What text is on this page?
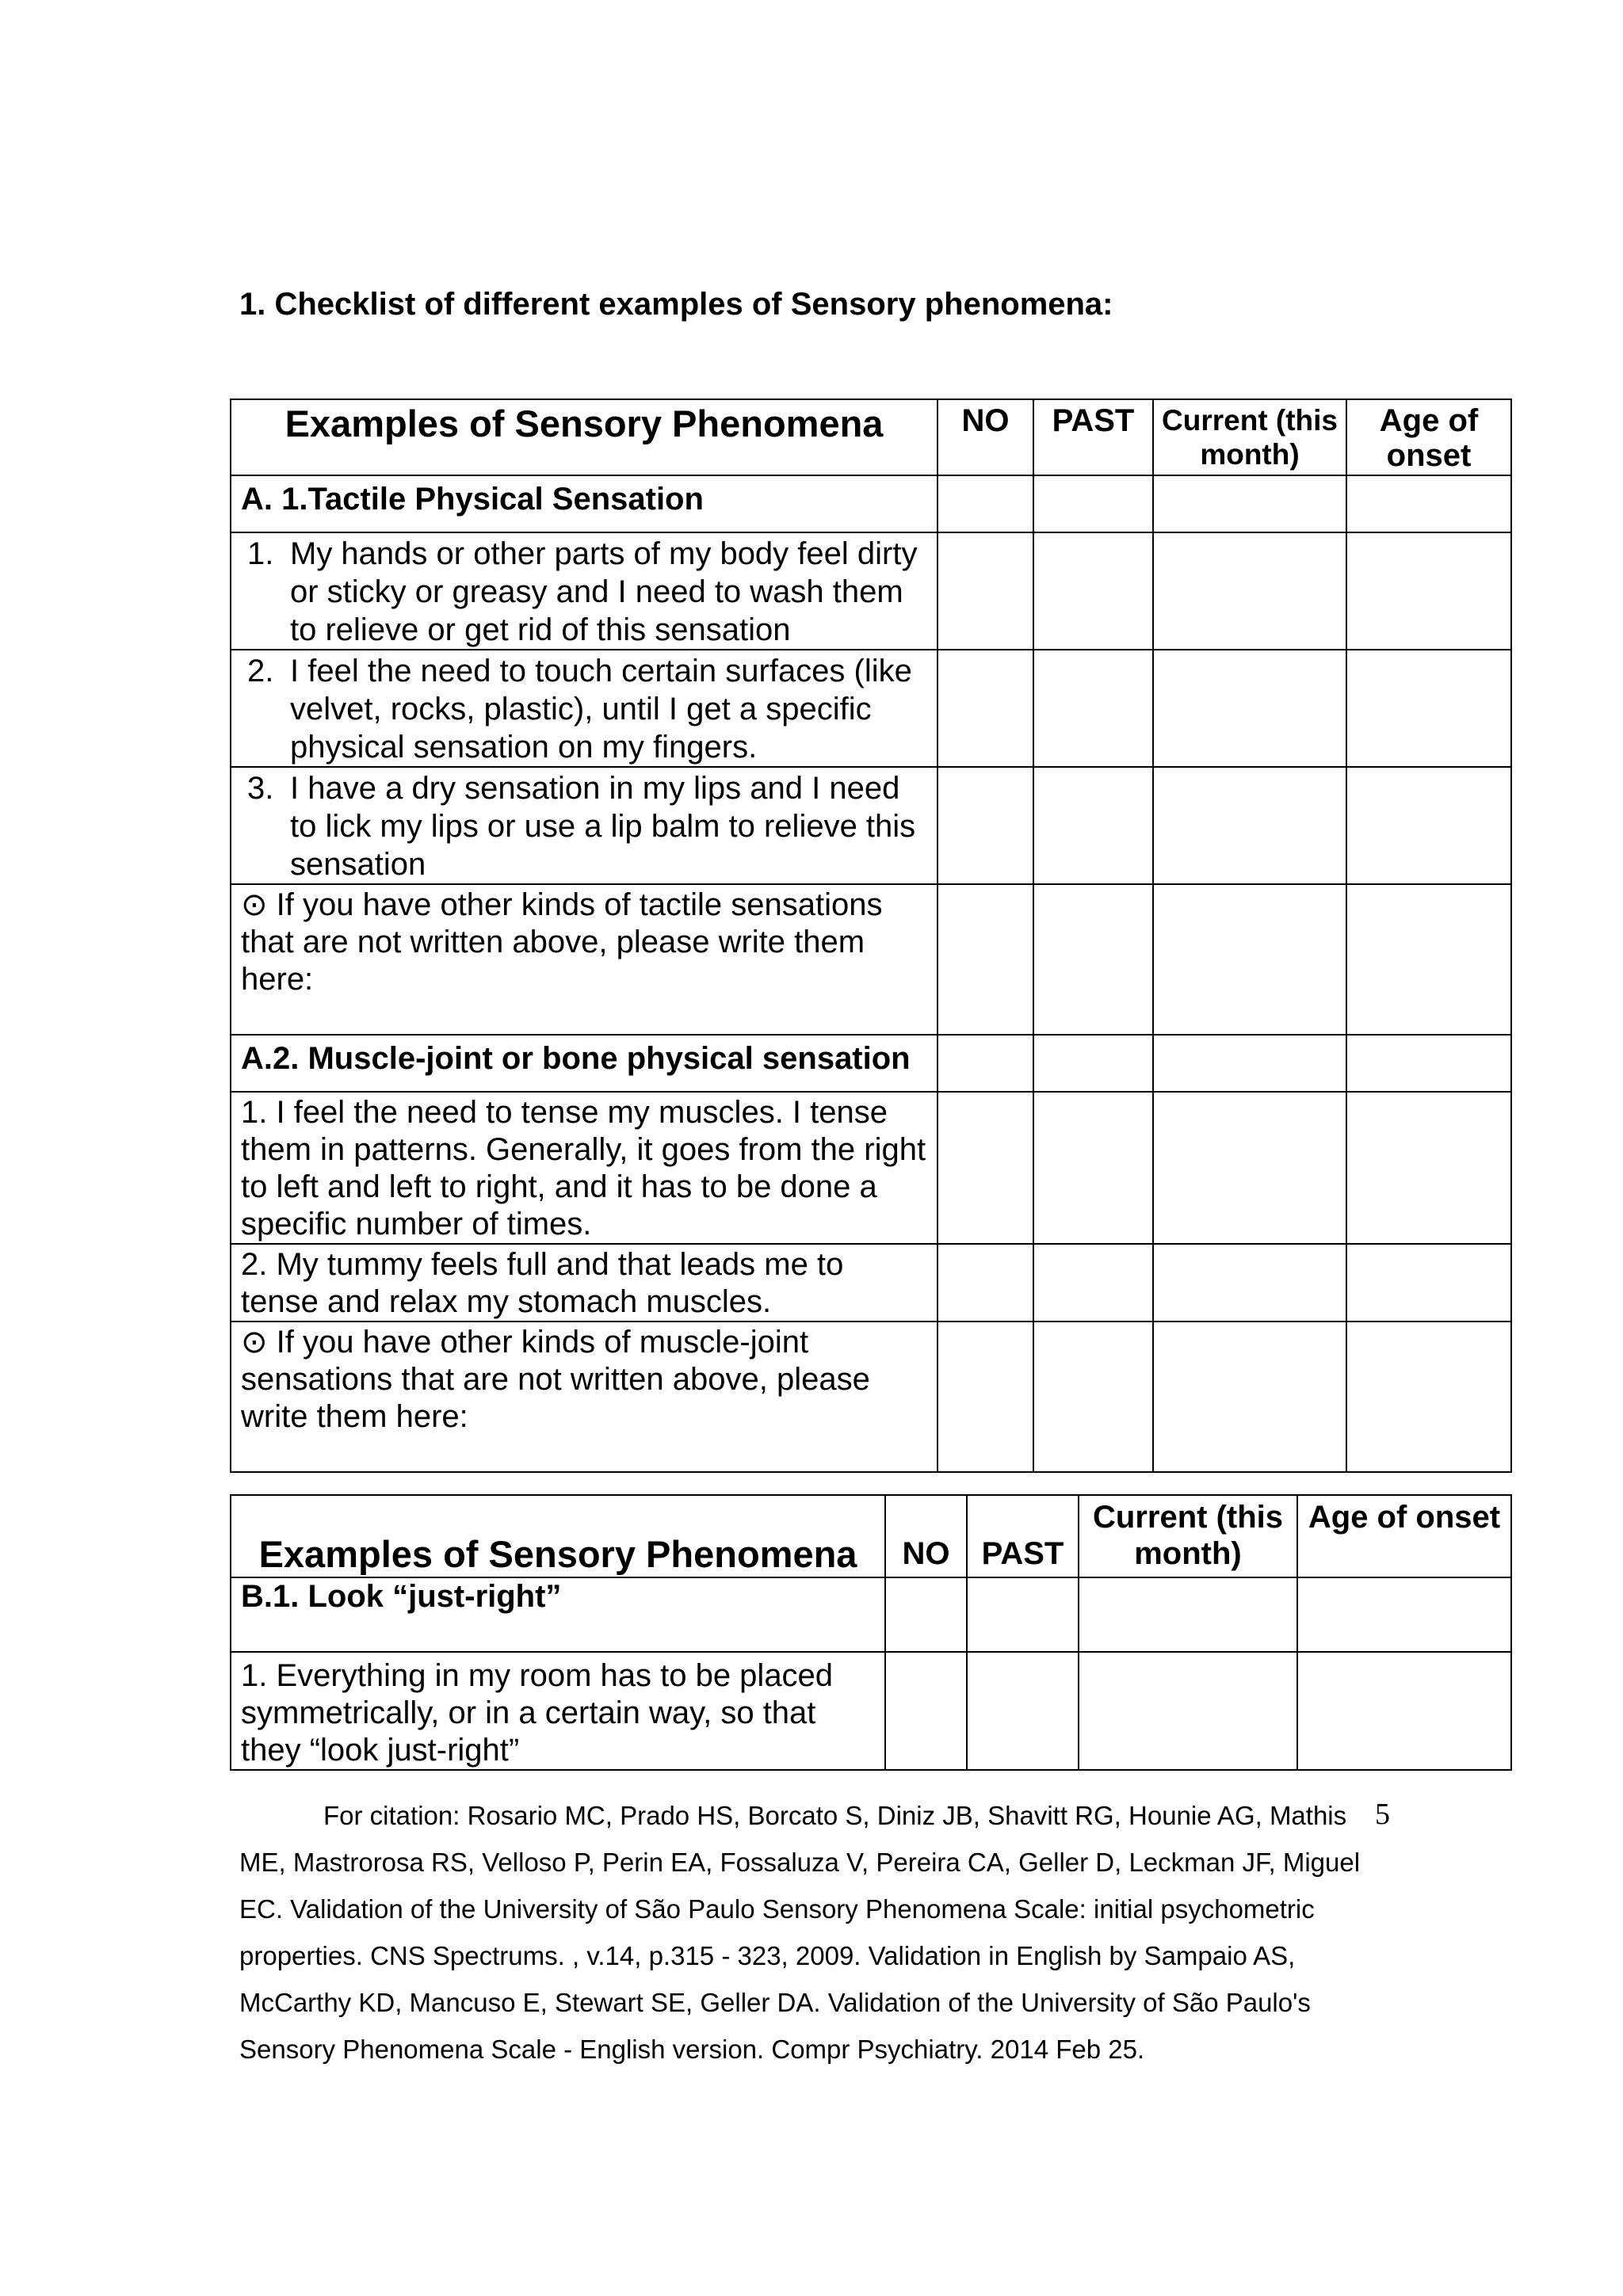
1. Checklist of different examples of Sensory phenomena:
Examples of Sensory Phenomena	NO	PAST	Current (this month)	Age of onset
A. 1.Tactile Physical Sensation				

1. My hands or other parts of my body feel dirty or sticky or greasy and I need to wash them to relieve or get rid of this sensation				

2. I feel the need to touch certain surfaces (like velvet, rocks, plastic), until I get a specific physical sensation on my fingers.				

3. I have a dry sensation in my lips and I need to lick my lips or use a lip balm to relieve this sensation				

⊙ If you have other kinds of tactile sensations that are not written above, please write them here:				
A.2. Muscle-joint or bone physical sensation				
1. I feel the need to tense my muscles. I tense them in patterns. Generally, it goes from the right to left and left to right, and it has to be done a specific number of times.				
2. My tummy feels full and that leads me to tense and relax my stomach muscles.				
⊙ If you have other kinds of muscle-joint sensations that are not written above, please write them here:				
Examples of Sensory Phenomena	NO	PAST	Current (this month)	Age of onset
B.1. Look “just-right”				
1. Everything in my room has to be placed symmetrically, or in a certain way, so that they “look just-right”				

For citation: Rosario MC, Prado HS, Borcato S, Diniz JB, Shavitt RG, Hounie AG, Mathis ME, Mastrorosa RS, Velloso P, Perin EA, Fossaluza V, Pereira CA, Geller D, Leckman JF, Miguel EC. Validation of the University of São Paulo Sensory Phenomena Scale: initial psychometric properties. CNS Spectrums. , v.14, p.315 - 323, 2009. Validation in English by Sampaio AS, McCarthy KD, Mancuso E, Stewart SE, Geller DA. Validation of the University of São Paulo's Sensory Phenomena Scale - English version. Compr Psychiatry. 2014 Feb 25.

5
